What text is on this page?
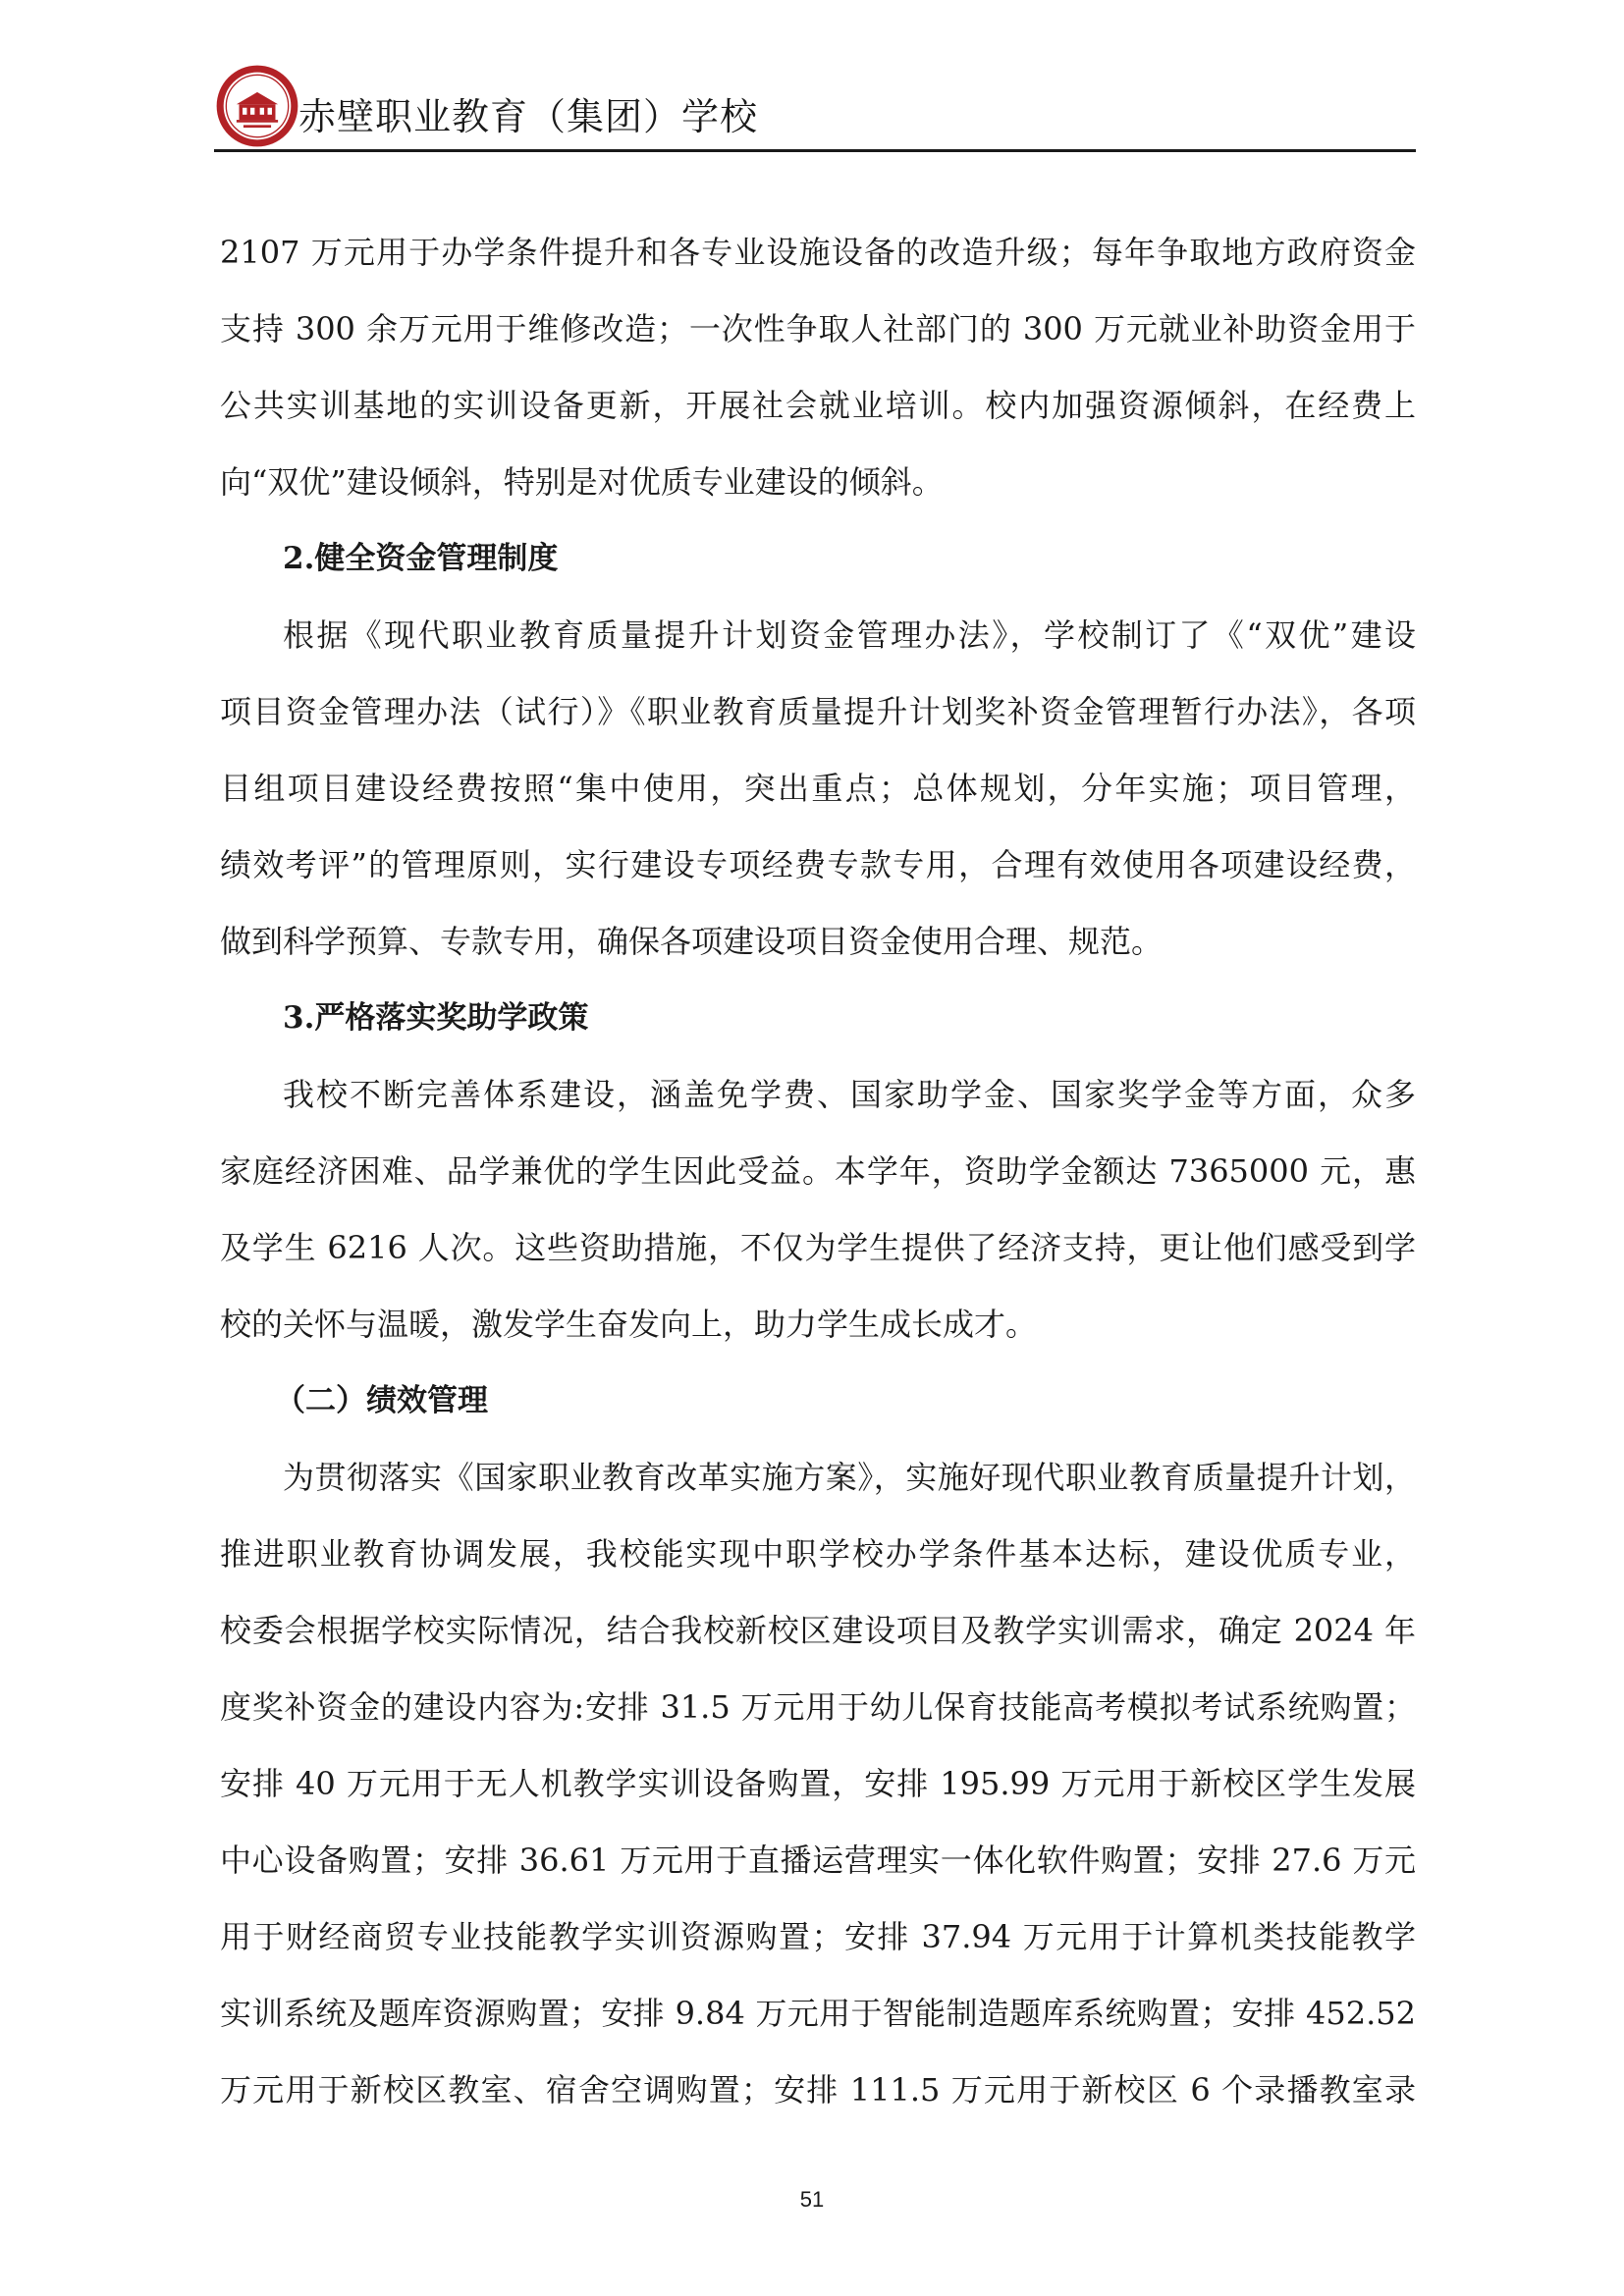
赤壁职业教育（集团）学校
2107 万元用于办学条件提升和各专业设施设备的改造升级；每年争取地方政府资金
支持 300 余万元用于维修改造；一次性争取人社部门的 300 万元就业补助资金用于
公共实训基地的实训设备更新，开展社会就业培训。校内加强资源倾斜，在经费上
向“双优”建设倾斜，特别是对优质专业建设的倾斜。
2.健全资金管理制度
根据《现代职业教育质量提升计划资金管理办法》，学校制订了《“双优”建设
项目资金管理办法（试行）》《职业教育质量提升计划奖补资金管理暂行办法》，各项
目组项目建设经费按照“集中使用，突出重点；总体规划，分年实施；项目管理，
绩效考评”的管理原则，实行建设专项经费专款专用，合理有效使用各项建设经费，
做到科学预算、专款专用，确保各项建设项目资金使用合理、规范。
3.严格落实奖助学政策
我校不断完善体系建设，涵盖免学费、国家助学金、国家奖学金等方面，众多
家庭经济困难、品学兼优的学生因此受益。本学年，资助学金额达 7365000 元，惠
及学生 6216 人次。这些资助措施，不仅为学生提供了经济支持，更让他们感受到学
校的关怀与温暖，激发学生奋发向上，助力学生成长成才。
（二）绩效管理
为贯彻落实《国家职业教育改革实施方案》，实施好现代职业教育质量提升计划，
推进职业教育协调发展，我校能实现中职学校办学条件基本达标，建设优质专业，
校委会根据学校实际情况，结合我校新校区建设项目及教学实训需求，确定 2024 年
度奖补资金的建设内容为:安排 31.5 万元用于幼儿保育技能高考模拟考试系统购置；
安排 40 万元用于无人机教学实训设备购置，安排 195.99 万元用于新校区学生发展
中心设备购置；安排 36.61 万元用于直播运营理实一体化软件购置；安排 27.6 万元
用于财经商贸专业技能教学实训资源购置；安排 37.94 万元用于计算机类技能教学
实训系统及题库资源购置；安排 9.84 万元用于智能制造题库系统购置；安排 452.52
万元用于新校区教室、宿舍空调购置；安排 111.5 万元用于新校区 6 个录播教室录
51
